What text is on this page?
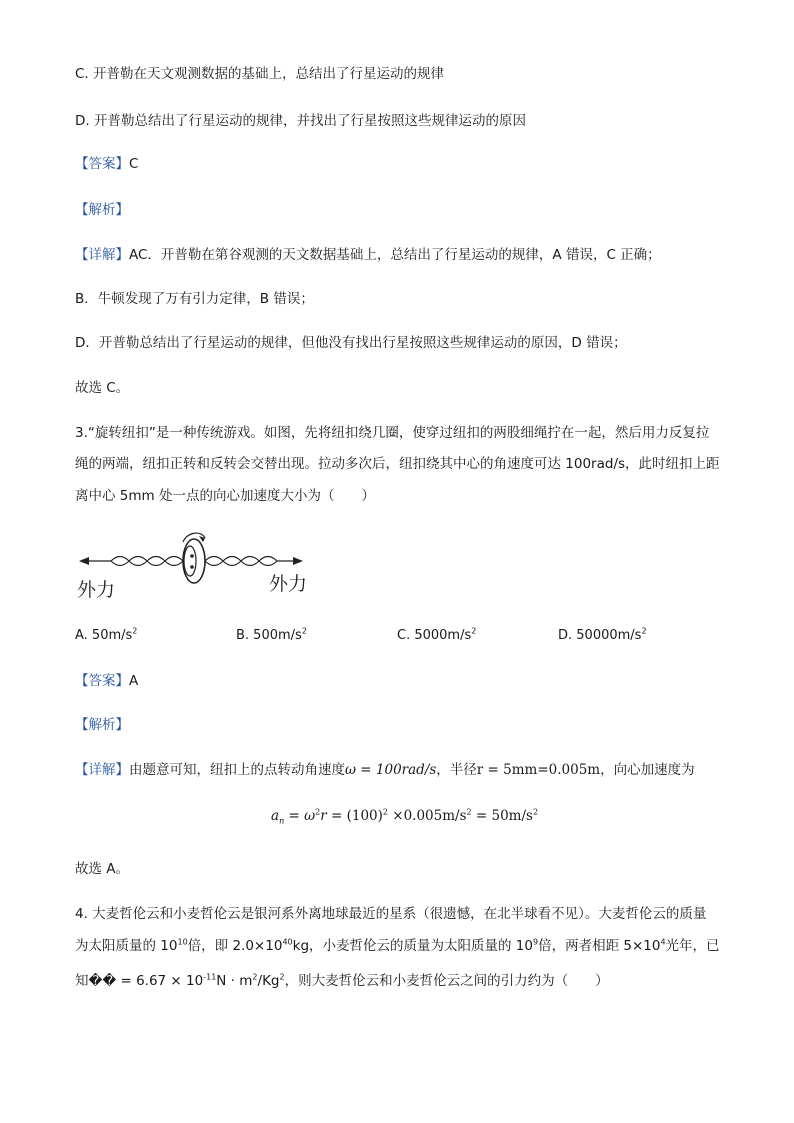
C. 开普勒在天文观测数据的基础上，总结出了行星运动的规律
D. 开普勒总结出了行星运动的规律，并找出了行星按照这些规律运动的原因
【答案】C
【解析】
【详解】AC．开普勒在第谷观测的天文数据基础上，总结出了行星运动的规律，A 错误，C 正确；
B．牛顿发现了万有引力定律，B 错误；
D．开普勒总结出了行星运动的规律，但他没有找出行星按照这些规律运动的原因，D 错误；
故选 C。
3.“旋转纽扣”是一种传统游戏。如图，先将纽扣绕几圈，使穿过纽扣的两股细绳拧在一起，然后用力反复拉
绳的两端，纽扣正转和反转会交替出现。拉动多次后，纽扣绕其中心的角速度可达 100rad/s，此时纽扣上距
离中心 5mm 处一点的向心加速度大小为（　　）
外力	外力
A. $50m/s^2$	B. $500m/s^2$	C. $5000m/s^2$	D. $50000m/s^2$
【答案】A
【解析】
【详解】由题意可知，纽扣上的点转动角速度ω = 100rad/s，半径r = 5mm=0.005m，向心加速度为
$a_n = \omega^2r = (100)^2 \times 0.005m/s^2 = 50m/s^2$
故选 A。
4. 大麦哲伦云和小麦哲伦云是银河系外离地球最近的星系（很遗憾，在北半球看不见）。大麦哲伦云的质量
为太阳质量的 $10^{10}$倍，即 $2.0\times 10^{40}kg$，小麦哲伦云的质量为太阳质量的 $10^9$倍，两者相距 $5\times 10^4$光年，已
知�� = $6.67 \times 10^{-11}N \cdot m^2/Kg^2$，则大麦哲伦云和小麦哲伦云之间的引力约为（　　）
